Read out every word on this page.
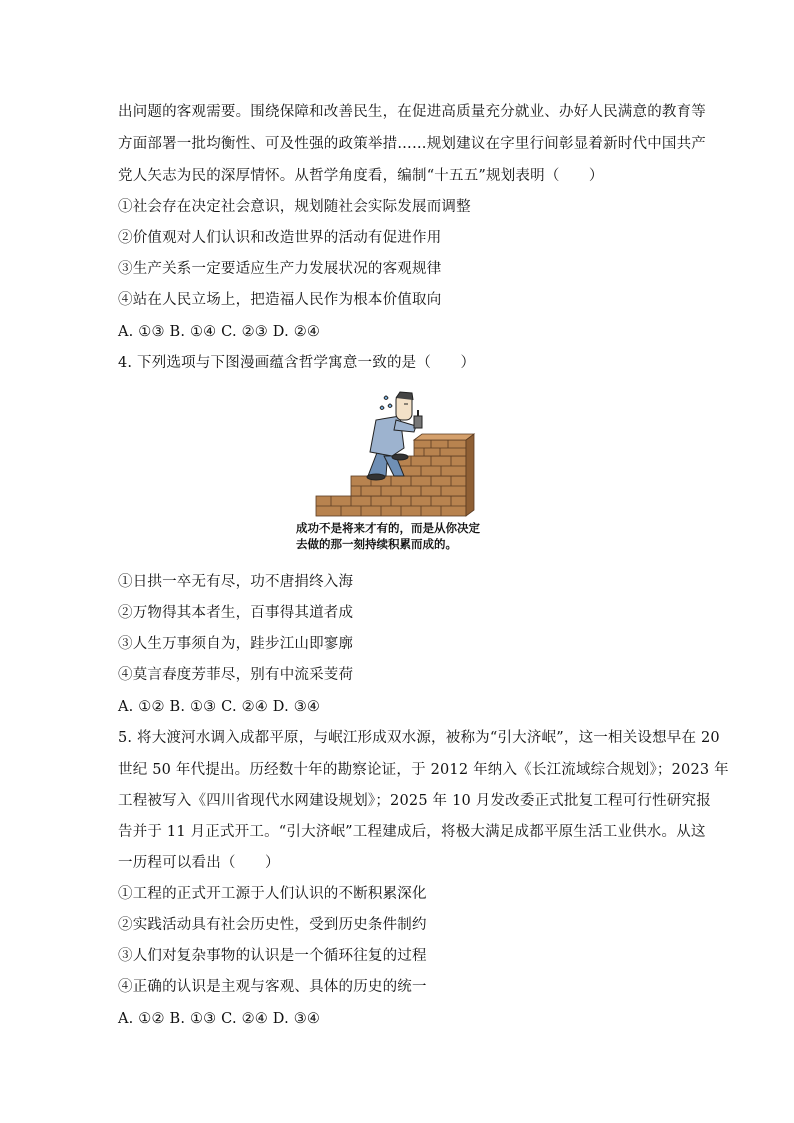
出问题的客观需要。围绕保障和改善民生，在促进高质量充分就业、办好人民满意的教育等
方面部署一批均衡性、可及性强的政策举措……规划建议在字里行间彰显着新时代中国共产
党人矢志为民的深厚情怀。从哲学角度看，编制“十五五”规划表明（　　）
①社会存在决定社会意识，规划随社会实际发展而调整
②价值观对人们认识和改造世界的活动有促进作用
③生产关系一定要适应生产力发展状况的客观规律
④站在人民立场上，把造福人民作为根本价值取向
A. ①③ B. ①④ C. ②③ D. ②④
4. 下列选项与下图漫画蕴含哲学寓意一致的是（　　）
成功不是将来才有的，而是从你决定
去做的那一刻持续积累而成的。
①日拱一卒无有尽，功不唐捐终入海
②万物得其本者生，百事得其道者成
③人生万事须自为，跬步江山即寥廓
④莫言春度芳菲尽，别有中流采芰荷
A. ①② B. ①③ C. ②④ D. ③④
5. 将大渡河水调入成都平原，与岷江形成双水源，被称为“引大济岷”，这一相关设想早在 20
世纪 50 年代提出。历经数十年的勘察论证，于 2012 年纳入《长江流域综合规划》；2023 年
工程被写入《四川省现代水网建设规划》；2025 年 10 月发改委正式批复工程可行性研究报
告并于 11 月正式开工。“引大济岷”工程建成后，将极大满足成都平原生活工业供水。从这
一历程可以看出（　　）
①工程的正式开工源于人们认识的不断积累深化
②实践活动具有社会历史性，受到历史条件制约
③人们对复杂事物的认识是一个循环往复的过程
④正确的认识是主观与客观、具体的历史的统一
A. ①② B. ①③ C. ②④ D. ③④
